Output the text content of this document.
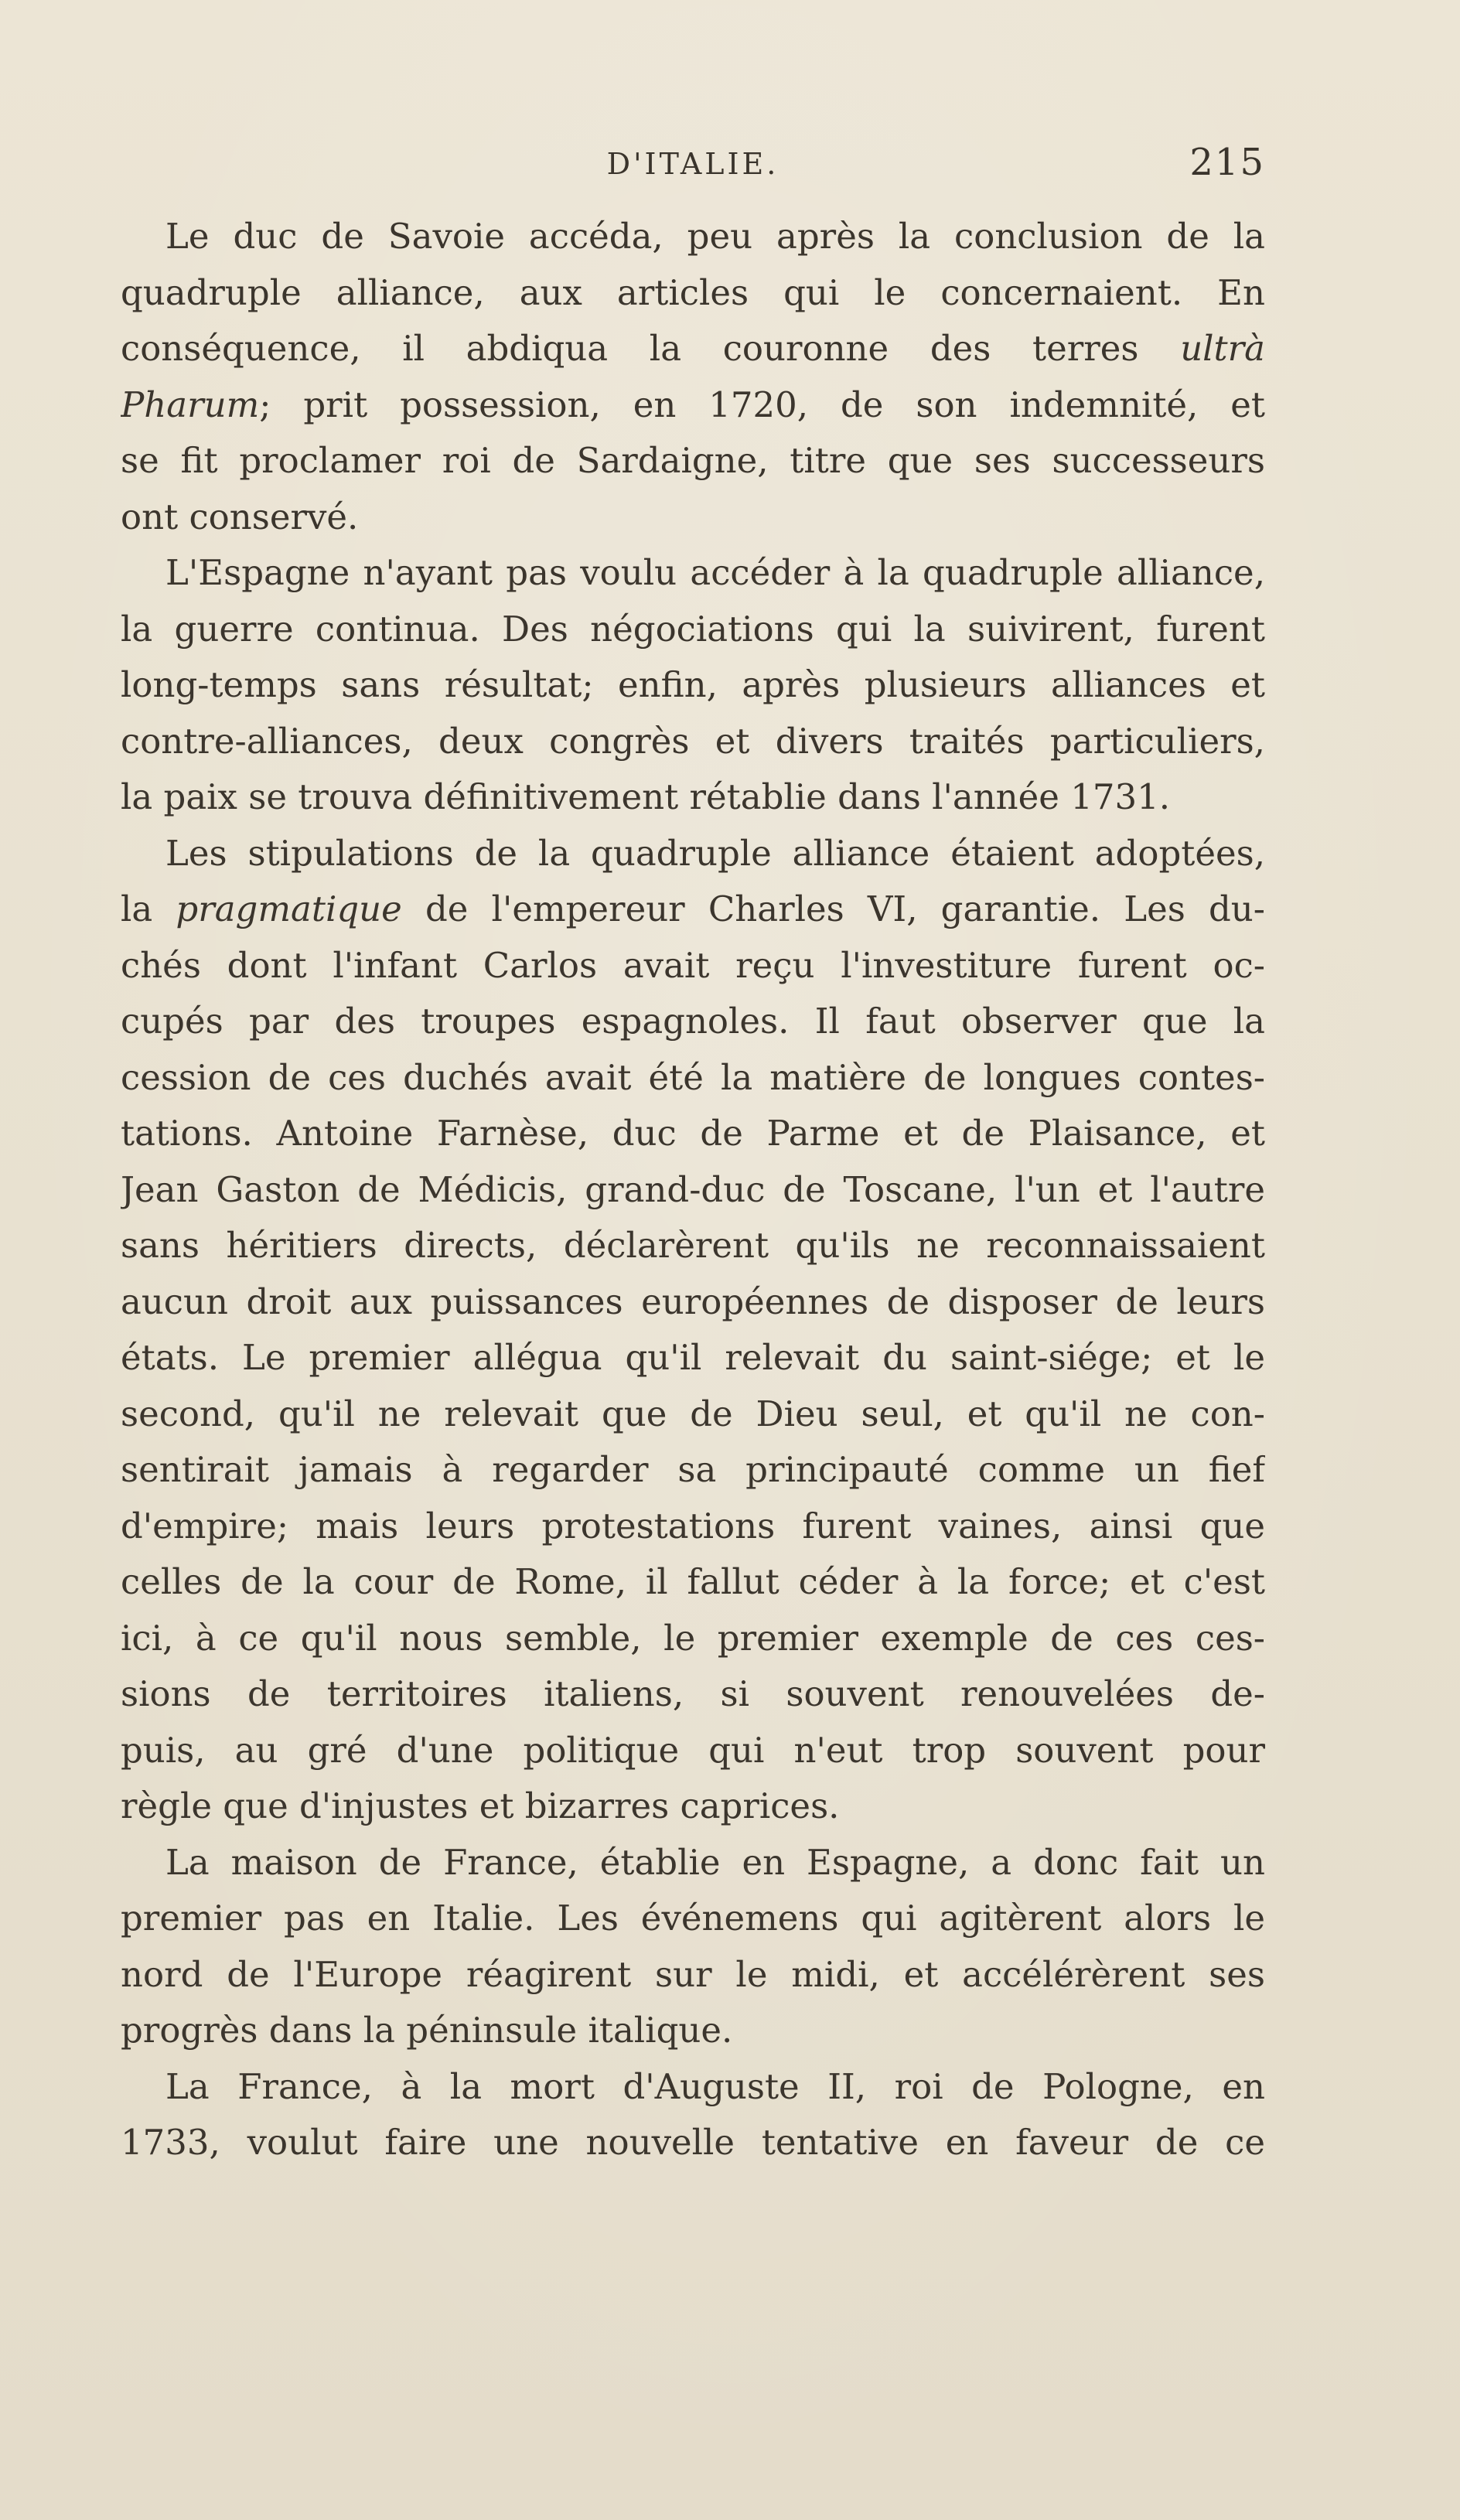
D'ITALIE.	215
Le duc de Savoie accéda, peu après la conclusion de la
quadruple alliance, aux articles qui le concernaient. En
conséquence, il abdiqua la couronne des terres ultrà
Pharum; prit possession, en 1720, de son indemnité, et
se fit proclamer roi de Sardaigne, titre que ses successeurs
ont conservé.
L'Espagne n'ayant pas voulu accéder à la quadruple alliance,
la guerre continua. Des négociations qui la suivirent, furent
long-temps sans résultat; enfin, après plusieurs alliances et
contre-alliances, deux congrès et divers traités particuliers,
la paix se trouva définitivement rétablie dans l'année 1731.
Les stipulations de la quadruple alliance étaient adoptées,
la pragmatique de l'empereur Charles VI, garantie. Les du-
chés dont l'infant Carlos avait reçu l'investiture furent oc-
cupés par des troupes espagnoles. Il faut observer que la
cession de ces duchés avait été la matière de longues contes-
tations. Antoine Farnèse, duc de Parme et de Plaisance, et
Jean Gaston de Médicis, grand-duc de Toscane, l'un et l'autre
sans héritiers directs, déclarèrent qu'ils ne reconnaissaient
aucun droit aux puissances européennes de disposer de leurs
états. Le premier allégua qu'il relevait du saint-siége; et le
second, qu'il ne relevait que de Dieu seul, et qu'il ne con-
sentirait jamais à regarder sa principauté comme un fief
d'empire; mais leurs protestations furent vaines, ainsi que
celles de la cour de Rome, il fallut céder à la force; et c'est
ici, à ce qu'il nous semble, le premier exemple de ces ces-
sions de territoires italiens, si souvent renouvelées de-
puis, au gré d'une politique qui n'eut trop souvent pour
règle que d'injustes et bizarres caprices.
La maison de France, établie en Espagne, a donc fait un
premier pas en Italie. Les événemens qui agitèrent alors le
nord de l'Europe réagirent sur le midi, et accélérèrent ses
progrès dans la péninsule italique.
La France, à la mort d'Auguste II, roi de Pologne, en
1733, voulut faire une nouvelle tentative en faveur de ce
